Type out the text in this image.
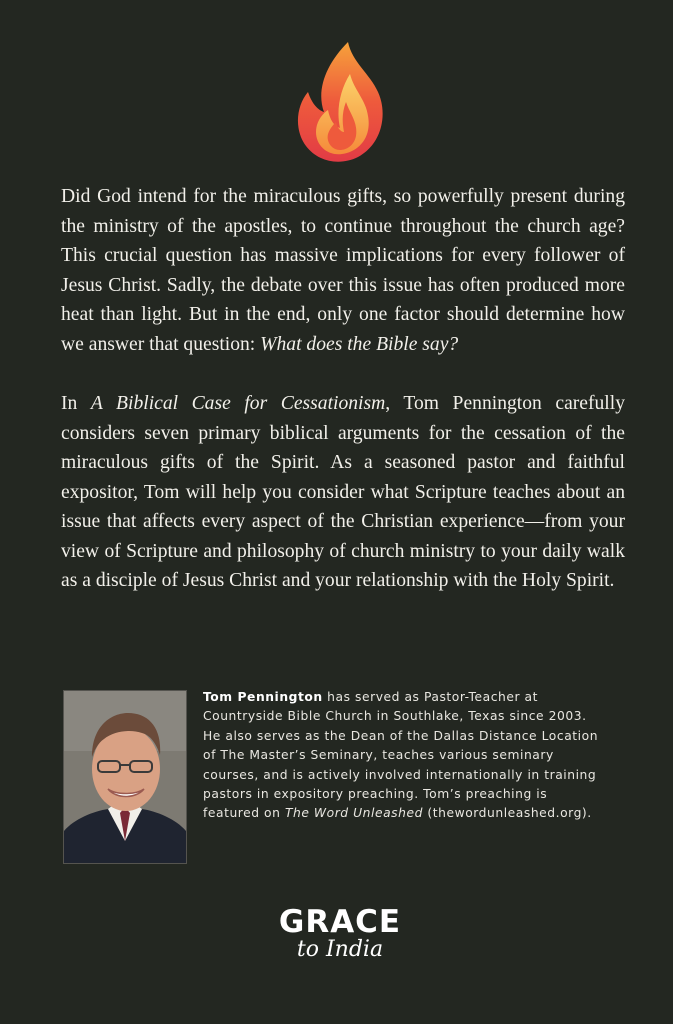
Did God intend for the miraculous gifts, so powerfully present during the ministry of the apostles, to continue throughout the church age? This crucial question has massive implications for every follower of Jesus Christ. Sadly, the debate over this issue has often produced more heat than light. But in the end, only one factor should determine how we answer that question: What does the Bible say?

In A Biblical Case for Cessationism, Tom Pennington carefully considers seven primary biblical arguments for the cessation of the miraculous gifts of the Spirit. As a seasoned pastor and faithful expositor, Tom will help you consider what Scripture teaches about an issue that affects every aspect of the Christian experience—from your view of Scripture and philosophy of church ministry to your daily walk as a disciple of Jesus Christ and your relationship with the Holy Spirit.

Tom Pennington has served as Pastor-Teacher at Countryside Bible Church in Southlake, Texas since 2003. He also serves as the Dean of the Dallas Distance Location of The Master’s Seminary, teaches various seminary courses, and is actively involved internationally in training pastors in expository preaching. Tom’s preaching is featured on The Word Unleashed (thewordunleashed.org).
GRACE
to India
